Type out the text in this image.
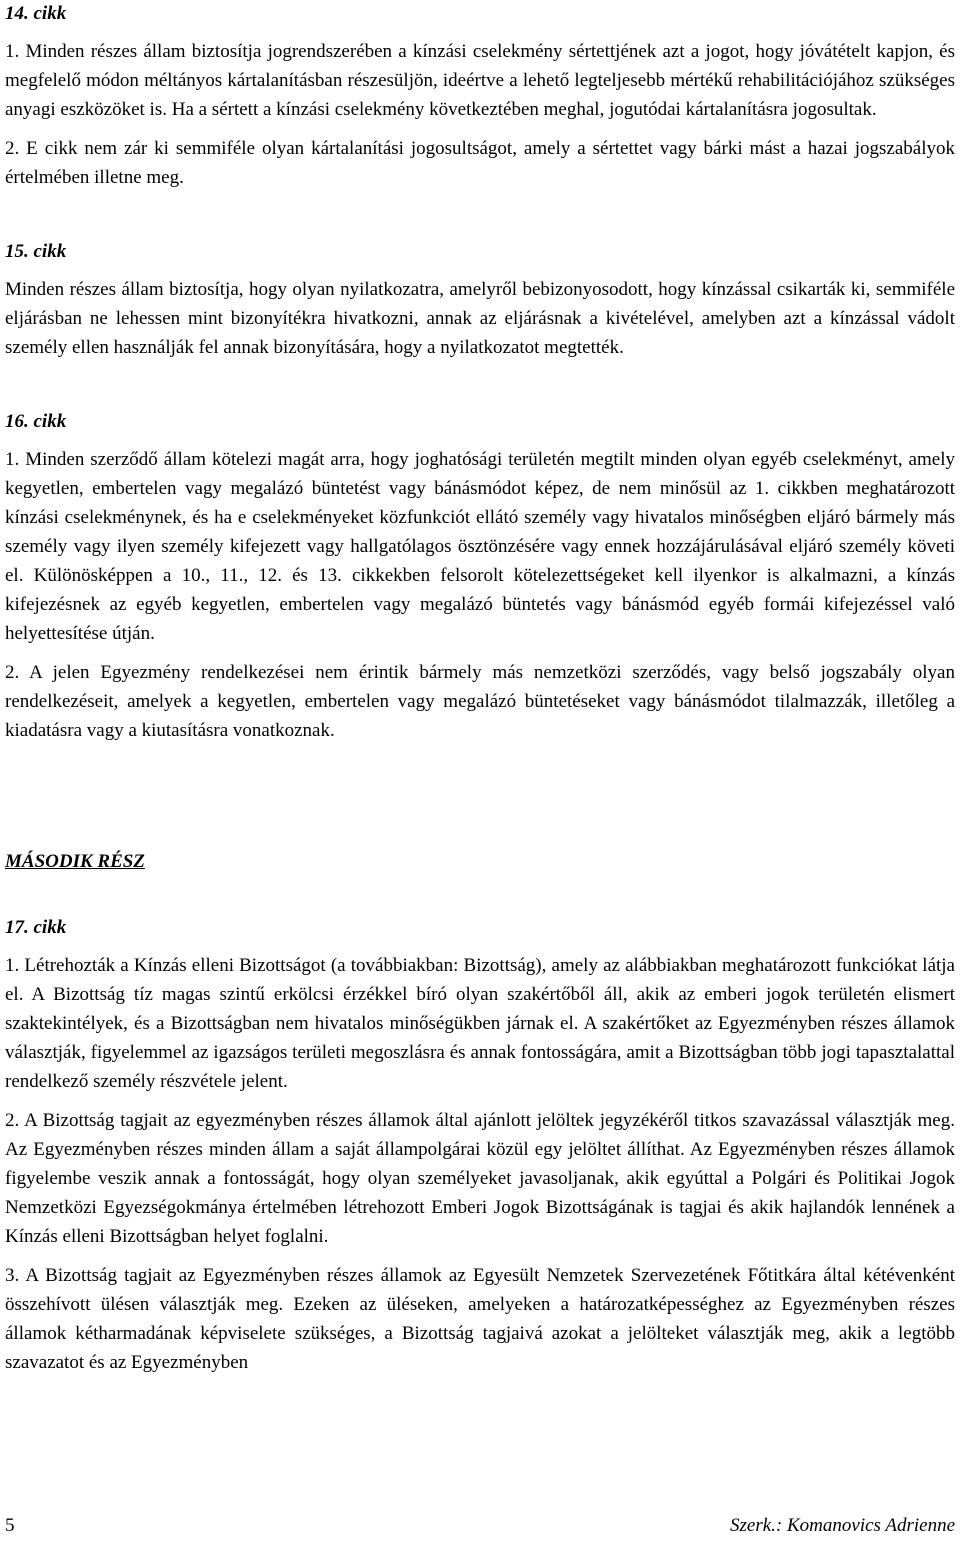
14. cikk

1. Minden részes állam biztosítja jogrendszerében a kínzási cselekmény sértettjének azt a jogot, hogy jóvátételt kapjon, és megfelelő módon méltányos kártalanításban részesüljön, ideértve a lehető legteljesebb mértékű rehabilitációjához szükséges anyagi eszközöket is. Ha a sértett a kínzási cselekmény következtében meghal, jogutódai kártalanításra jogosultak.

2. E cikk nem zár ki semmiféle olyan kártalanítási jogosultságot, amely a sértettet vagy bárki mást a hazai jogszabályok értelmében illetne meg.

15. cikk

Minden részes állam biztosítja, hogy olyan nyilatkozatra, amelyről bebizonyosodott, hogy kínzással csikarták ki, semmiféle eljárásban ne lehessen mint bizonyítékra hivatkozni, annak az eljárásnak a kivételével, amelyben azt a kínzással vádolt személy ellen használják fel annak bizonyítására, hogy a nyilatkozatot megtették.

16. cikk

1. Minden szerződő állam kötelezi magát arra, hogy joghatósági területén megtilt minden olyan egyéb cselekményt, amely kegyetlen, embertelen vagy megalázó büntetést vagy bánásmódot képez, de nem minősül az 1. cikkben meghatározott kínzási cselekménynek, és ha e cselekményeket közfunkciót ellátó személy vagy hivatalos minőségben eljáró bármely más személy vagy ilyen személy kifejezett vagy hallgatólagos ösztönzésére vagy ennek hozzájárulásával eljáró személy követi el. Különösképpen a 10., 11., 12. és 13. cikkekben felsorolt kötelezettségeket kell ilyenkor is alkalmazni, a kínzás kifejezésnek az egyéb kegyetlen, embertelen vagy megalázó büntetés vagy bánásmód egyéb formái kifejezéssel való helyettesítése útján.

2. A jelen Egyezmény rendelkezései nem érintik bármely más nemzetközi szerződés, vagy belső jogszabály olyan rendelkezéseit, amelyek a kegyetlen, embertelen vagy megalázó büntetéseket vagy bánásmódot tilalmazzák, illetőleg a kiadatásra vagy a kiutasításra vonatkoznak.

MÁSODIK RÉSZ
17. cikk

1. Létrehozták a Kínzás elleni Bizottságot (a továbbiakban: Bizottság), amely az alábbiakban meghatározott funkciókat látja el. A Bizottság tíz magas szintű erkölcsi érzékkel bíró olyan szakértőből áll, akik az emberi jogok területén elismert szaktekintélyek, és a Bizottságban nem hivatalos minőségükben járnak el. A szakértőket az Egyezményben részes államok választják, figyelemmel az igazságos területi megoszlásra és annak fontosságára, amit a Bizottságban több jogi tapasztalattal rendelkező személy részvétele jelent.

2. A Bizottság tagjait az egyezményben részes államok által ajánlott jelöltek jegyzékéről titkos szavazással választják meg. Az Egyezményben részes minden állam a saját állampolgárai közül egy jelöltet állíthat. Az Egyezményben részes államok figyelembe veszik annak a fontosságát, hogy olyan személyeket javasoljanak, akik egyúttal a Polgári és Politikai Jogok Nemzetközi Egyezségokmánya értelmében létrehozott Emberi Jogok Bizottságának is tagjai és akik hajlandók lennének a Kínzás elleni Bizottságban helyet foglalni.

3. A Bizottság tagjait az Egyezményben részes államok az Egyesült Nemzetek Szervezetének Főtitkára által kétévenként összehívott ülésen választják meg. Ezeken az üléseken, amelyeken a határozatképességhez az Egyezményben részes államok kétharmadának képviselete szükséges, a Bizottság tagjaivá azokat a jelölteket választják meg, akik a legtöbb szavazatot és az Egyezményben

5	Szerk.: Komanovics Adrienne
